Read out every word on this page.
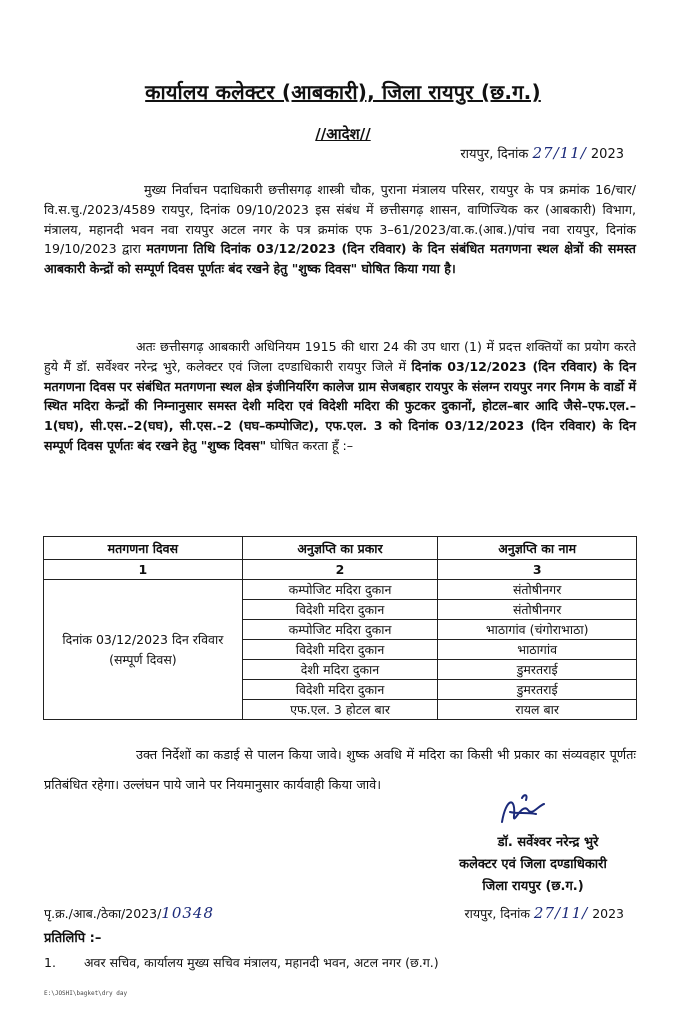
कार्यालय कलेक्टर (आबकारी), जिला रायपुर (छ.ग.)
//आदेश//
रायपुर, दिनांक 27/11/ 2023
मुख्य निर्वाचन पदाधिकारी छत्तीसगढ़ शास्त्री चौक, पुराना मंत्रालय परिसर, रायपुर के पत्र क्रमांक 16/चार/वि.स.चु./2023/4589 रायपुर, दिनांक 09/10/2023 इस संबंध में छत्तीसगढ़ शासन, वाणिज्यिक कर (आबकारी) विभाग, मंत्रालय, महानदी भवन नवा रायपुर अटल नगर के पत्र क्रमांक एफ 3–61/2023/वा.क.(आब.)/पांच नवा रायपुर, दिनांक 19/10/2023 द्वारा मतगणना तिथि दिनांक 03/12/2023 (दिन रविवार) के दिन संबंधित मतगणना स्थल क्षेत्रों की समस्त आबकारी केन्द्रों को सम्पूर्ण दिवस पूर्णतः बंद रखने हेतु "शुष्क दिवस" घोषित किया गया है।
अतः छत्तीसगढ़ आबकारी अधिनियम 1915 की धारा 24 की उप धारा (1) में प्रदत्त शक्तियों का प्रयोग करते हुये मैं डॉ. सर्वेश्वर नरेन्द्र भुरे, कलेक्टर एवं जिला दण्डाधिकारी रायपुर जिले में दिनांक 03/12/2023 (दिन रविवार) के दिन मतगणना दिवस पर संबंधित मतगणना स्थल क्षेत्र इंजीनियरिंग कालेज ग्राम सेजबहार रायपुर के संलग्न रायपुर नगर निगम के वार्डो में स्थित मदिरा केन्द्रों की निम्नानुसार समस्त देशी मदिरा एवं विदेशी मदिरा की फुटकर दुकानों, होटल–बार आदि जैसे–एफ.एल.–1(घघ), सी.एस.–2(घघ), सी.एस.–2 (घघ–कम्पोजिट), एफ.एल. 3 को दिनांक 03/12/2023 (दिन रविवार) के दिन सम्पूर्ण दिवस पूर्णतः बंद रखने हेतु "शुष्क दिवस" घोषित करता हूँ :–
मतगणना दिवस	अनुज्ञप्ति का प्रकार	अनुज्ञप्ति का नाम
1	2	3
दिनांक 03/12/2023 दिन रविवार (सम्पूर्ण दिवस)	कम्पोजिट मदिरा दुकान	संतोषीनगर
	विदेशी मदिरा दुकान	संतोषीनगर
	कम्पोजिट मदिरा दुकान	भाठागांव (चंगोराभाठा)
	विदेशी मदिरा दुकान	भाठागांव
	देशी मदिरा दुकान	डुमरतराई
	विदेशी मदिरा दुकान	डुमरतराई
	एफ.एल. 3 होटल बार	रायल बार
उक्त निर्देशों का कडाई से पालन किया जावे। शुष्क अवधि में मदिरा का किसी भी प्रकार का संव्यवहार पूर्णतः प्रतिबंधित रहेगा। उल्लंघन पाये जाने पर नियमानुसार कार्यवाही किया जावे।
डॉ. सर्वेश्वर नरेन्द्र भुरे
कलेक्टर एवं जिला दण्डाधिकारी
जिला रायपुर (छ.ग.)
पृ.क्र./आब./ठेका/2023/10348	रायपुर, दिनांक 27/11/ 2023
प्रतिलिपि :–
1. अवर सचिव, कार्यालय मुख्य सचिव मंत्रालय, महानदी भवन, अटल नगर (छ.ग.)
E:\JOSHI\bagket\dry day
